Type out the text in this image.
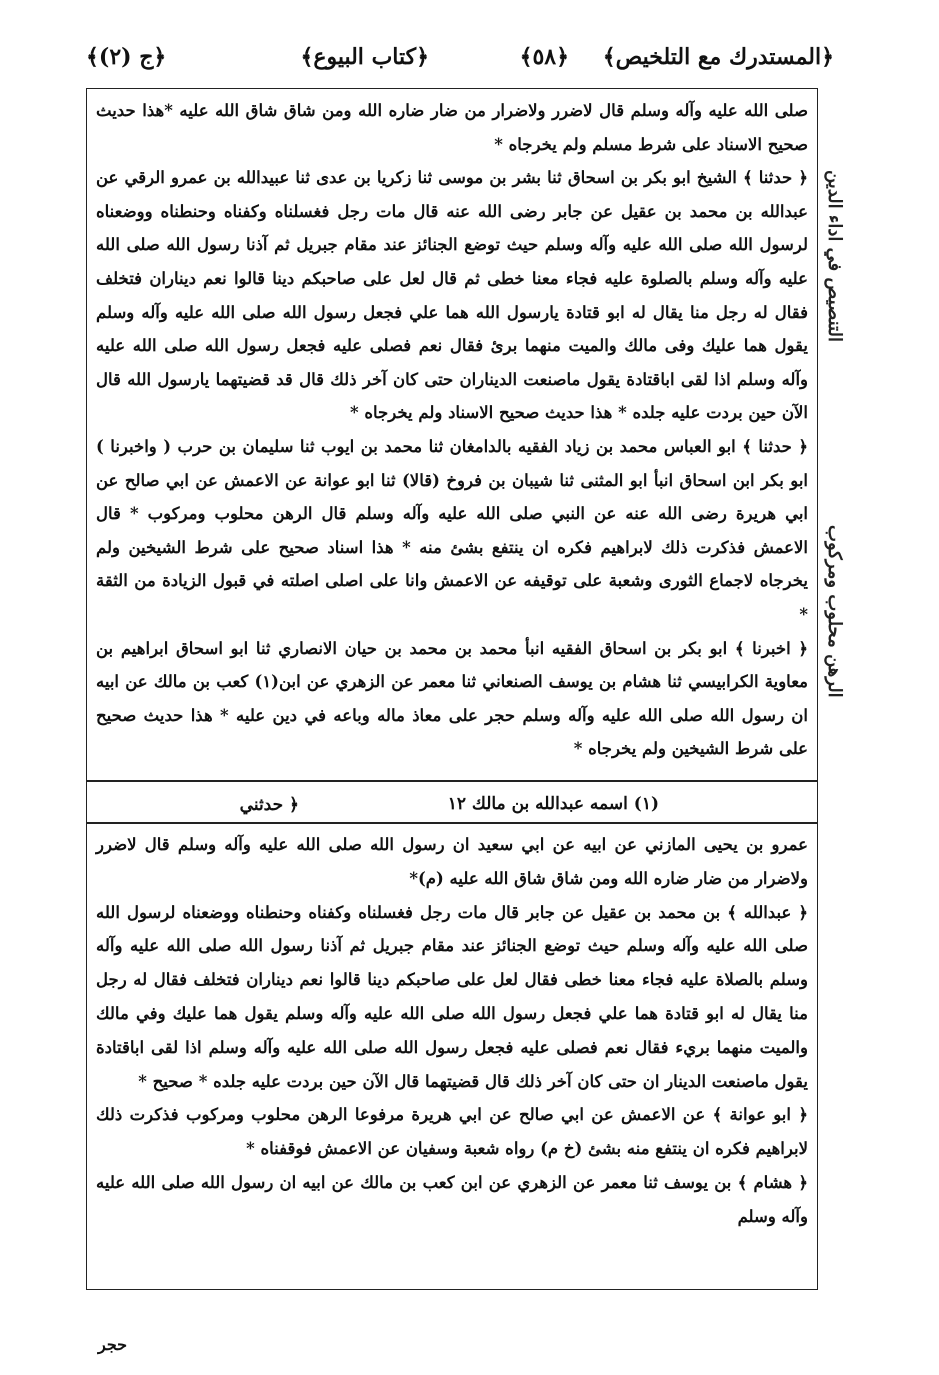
﴿المستدرك مع التلخيص﴾
﴿٥٨﴾
﴿كتاب البيوع﴾
﴿ج (٢)﴾

صلى الله عليه وآله وسلم قال لاضرر ولاضرار من ضار ضاره الله ومن شاق شاق الله عليه *هذا حديث صحيح الاسناد على شرط مسلم ولم يخرجاه *

﴿ حدثنا ﴾ الشيخ ابو بكر بن اسحاق ثنا بشر بن موسى ثنا زكريا بن عدى ثنا عبيدالله بن عمرو الرقي عن عبدالله بن محمد بن عقيل عن جابر رضى الله عنه قال مات رجل فغسلناه وكفناه وحنطناه ووضعناه لرسول الله صلى الله عليه وآله وسلم حيث توضع الجنائز عند مقام جبريل ثم آذنا رسول الله صلى الله عليه وآله وسلم بالصلوة عليه فجاء معنا خطى ثم قال لعل على صاحبكم دينا قالوا نعم ديناران فتخلف فقال له رجل منا يقال له ابو قتادة يارسول الله هما علي فجعل رسول الله صلى الله عليه وآله وسلم يقول هما عليك وفى مالك والميت منهما برئ فقال نعم فصلى عليه فجعل رسول الله صلى الله عليه وآله وسلم اذا لقى اباقتادة يقول ماصنعت الديناران حتى كان آخر ذلك قال قد قضيتهما يارسول الله قال الآن حين بردت عليه جلده * هذا حديث صحيح الاسناد ولم يخرجاه *

﴿ حدثنا ﴾ ابو العباس محمد بن زياد الفقيه بالدامغان ثنا محمد بن ايوب ثنا سليمان بن حرب ( واخبرنا ) ابو بكر ابن اسحاق انبأ ابو المثنى ثنا شيبان بن فروخ (قالا) ثنا ابو عوانة عن الاعمش عن ابي صالح عن ابي هريرة رضى الله عنه عن النبي صلى الله عليه وآله وسلم قال الرهن محلوب ومركوب * قال الاعمش فذكرت ذلك لابراهيم فكره ان ينتفع بشئ منه * هذا اسناد صحيح على شرط الشيخين ولم يخرجاه لاجماع الثورى وشعبة على توقيفه عن الاعمش وانا على اصلى اصلته في قبول الزيادة من الثقة *

﴿ اخبرنا ﴾ ابو بكر بن اسحاق الفقيه انبأ محمد بن محمد بن حيان الانصاري ثنا ابو اسحاق ابراهيم بن معاوية الكرابيسي ثنا هشام بن يوسف الصنعاني ثنا معمر عن الزهري عن ابن(١) كعب بن مالك عن ابيه ان رسول الله صلى الله عليه وآله وسلم حجر على معاذ ماله وباعه في دين عليه * هذا حديث صحيح على شرط الشيخين ولم يخرجاه *

(١) اسمه عبدالله بن مالك ١٢
﴿ حدثني

عمرو بن يحيى المازني عن ابيه عن ابي سعيد ان رسول الله صلى الله عليه وآله وسلم قال لاضرر ولاضرار من ضار ضاره الله ومن شاق شاق الله عليه (م)*

﴿ عبدالله ﴾ بن محمد بن عقيل عن جابر قال مات رجل فغسلناه وكفناه وحنطناه ووضعناه لرسول الله صلى الله عليه وآله وسلم حيث توضع الجنائز عند مقام جبريل ثم آذنا رسول الله صلى الله عليه وآله وسلم بالصلاة عليه فجاء معنا خطى فقال لعل على صاحبكم دينا قالوا نعم ديناران فتخلف فقال له رجل منا يقال له ابو قتادة هما علي فجعل رسول الله صلى الله عليه وآله وسلم يقول هما عليك وفي مالك والميت منهما بريء فقال نعم فصلى عليه فجعل رسول الله صلى الله عليه وآله وسلم اذا لقى اباقتادة يقول ماصنعت الدينار ان حتى كان آخر ذلك قال قضيتهما قال الآن حين بردت عليه جلده * صحيح *

﴿ ابو عوانة ﴾ عن الاعمش عن ابي صالح عن ابي هريرة مرفوعا الرهن محلوب ومركوب فذكرت ذلك لابراهيم فكره ان ينتفع منه بشئ (خ م) رواه شعبة وسفيان عن الاعمش فوقفناه *

﴿ هشام ﴾ بن يوسف ثنا معمر عن الزهري عن ابن كعب بن مالك عن ابيه ان رسول الله صلى الله عليه وآله وسلم

التنصيص في اداء الدين
الرهن محلوب ومركوب
حجر
